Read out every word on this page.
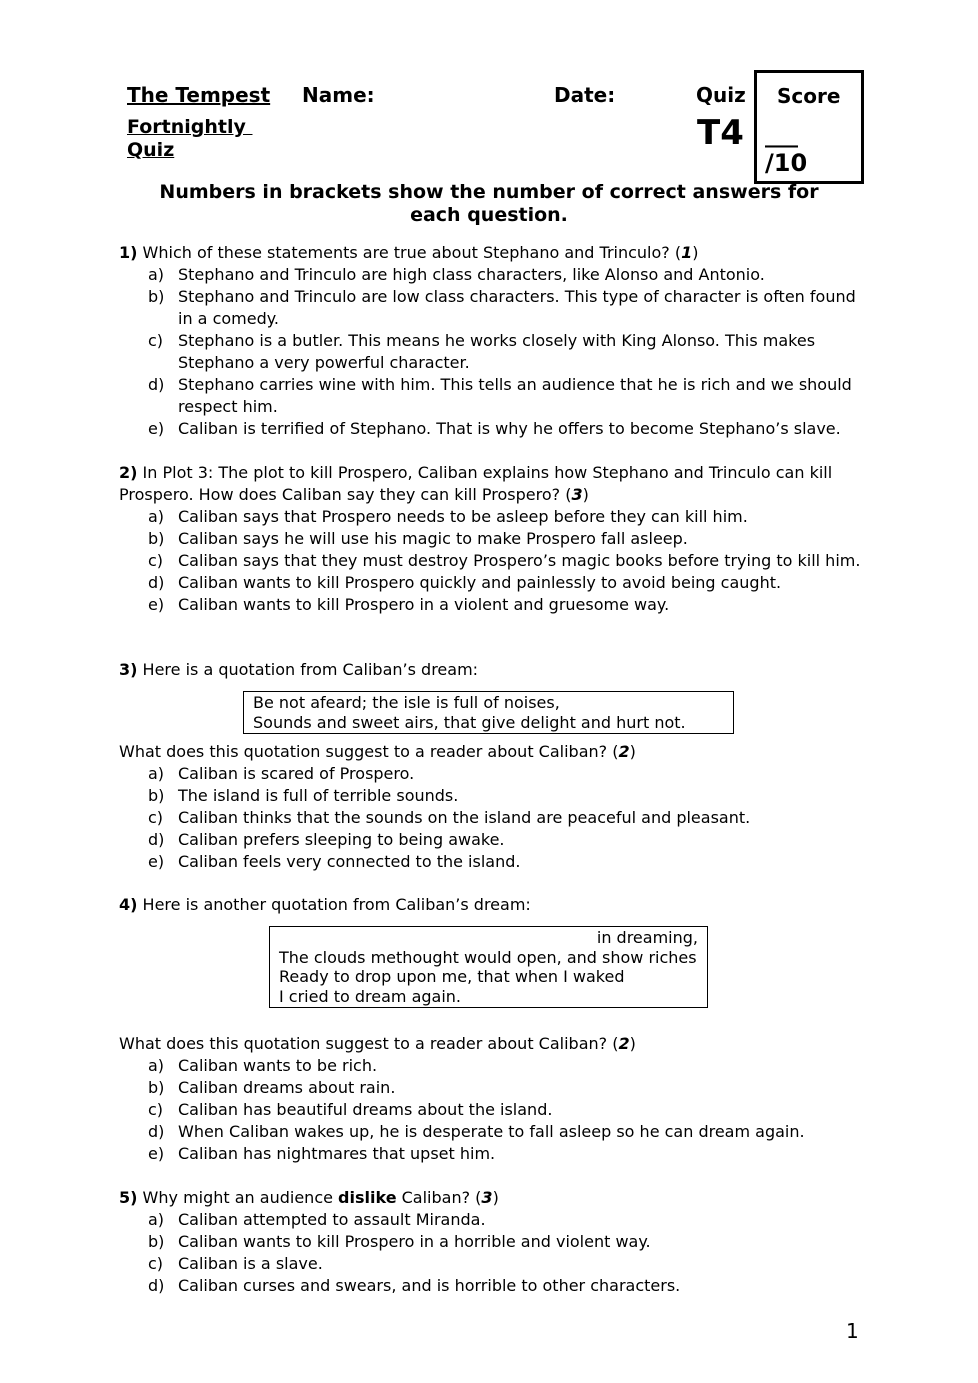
The Tempest Name:	Date:	Quiz
Fortnightly
Quiz	T4
Score
___
/10
Numbers in brackets show the number of correct answers for
each question.

1) Which of these statements are true about Stephano and Trinculo? (1)

a) Stephano and Trinculo are high class characters, like Alonso and Antonio.
b) Stephano and Trinculo are low class characters. This type of character is often found in a comedy.
c) Stephano is a butler. This means he works closely with King Alonso. This makes Stephano a very powerful character.
d) Stephano carries wine with him. This tells an audience that he is rich and we should respect him.
e) Caliban is terrified of Stephano. That is why he offers to become Stephano’s slave.

2) In Plot 3: The plot to kill Prospero, Caliban explains how Stephano and Trinculo can kill Prospero. How does Caliban say they can kill Prospero? (3)

a) Caliban says that Prospero needs to be asleep before they can kill him.
b) Caliban says he will use his magic to make Prospero fall asleep.
c) Caliban says that they must destroy Prospero’s magic books before trying to kill him.
d) Caliban wants to kill Prospero quickly and painlessly to avoid being caught.
e) Caliban wants to kill Prospero in a violent and gruesome way.

3) Here is a quotation from Caliban’s dream:

Be not afeard; the isle is full of noises,
Sounds and sweet airs, that give delight and hurt not.

What does this quotation suggest to a reader about Caliban? (2)

a) Caliban is scared of Prospero.
b) The island is full of terrible sounds.
c) Caliban thinks that the sounds on the island are peaceful and pleasant.
d) Caliban prefers sleeping to being awake.
e) Caliban feels very connected to the island.

4) Here is another quotation from Caliban’s dream:

in dreaming,
The clouds methought would open, and show riches
Ready to drop upon me, that when I waked
I cried to dream again.

What does this quotation suggest to a reader about Caliban? (2)

a) Caliban wants to be rich.
b) Caliban dreams about rain.
c) Caliban has beautiful dreams about the island.
d) When Caliban wakes up, he is desperate to fall asleep so he can dream again.
e) Caliban has nightmares that upset him.

5) Why might an audience dislike Caliban? (3)

a) Caliban attempted to assault Miranda.
b) Caliban wants to kill Prospero in a horrible and violent way.
c) Caliban is a slave.
d) Caliban curses and swears, and is horrible to other characters.
1
